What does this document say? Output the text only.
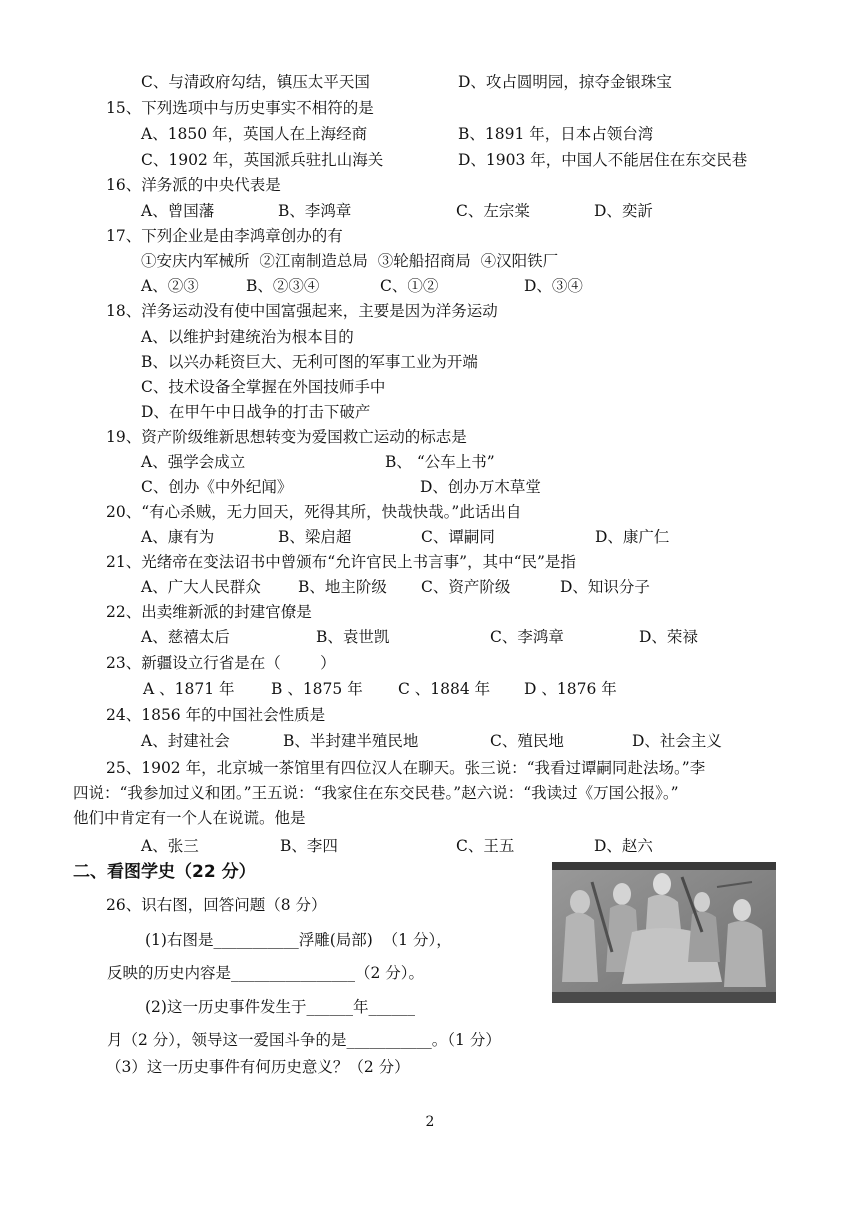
C、与清政府勾结，镇压太平天国	D、攻占圆明园，掠夺金银珠宝
15、下列选项中与历史事实不相符的是
A、1850 年，英国人在上海经商	B、1891 年，日本占领台湾
C、1902 年，英国派兵驻扎山海关	D、1903 年，中国人不能居住在东交民巷
16、洋务派的中央代表是
A、曾国藩	B、李鸿章	C、左宗棠	D、奕訢
17、下列企业是由李鸿章创办的有
①安庆内军械所  ②江南制造总局  ③轮船招商局  ④汉阳铁厂
A、②③	B、②③④	C、①②	D、③④
18、洋务运动没有使中国富强起来，主要是因为洋务运动
A、以维护封建统治为根本目的
B、以兴办耗资巨大、无利可图的军事工业为开端
C、技术设备全掌握在外国技师手中
D、在甲午中日战争的打击下破产
19、资产阶级维新思想转变为爱国救亡运动的标志是
A、强学会成立	B、 “公车上书”
C、创办《中外纪闻》	D、创办万木草堂
20、“有心杀贼，无力回天，死得其所，快哉快哉。”此话出自
A、康有为	B、梁启超	C、谭嗣同	D、康广仁
21、光绪帝在变法诏书中曾颁布“允许官民上书言事”，其中“民”是指
A、广大人民群众 B、地主阶级 C、资产阶级	D、知识分子
22、出卖维新派的封建官僚是
A、慈禧太后	B、袁世凯	C、李鸿章	D、荣禄
23、新疆设立行省是在（        ）
A 、1871 年 B 、1875 年 C 、1884 年 D 、1876 年
24、1856 年的中国社会性质是
A、封建社会	B、半封建半殖民地	C、殖民地	D、社会主义
25、1902 年，北京城一茶馆里有四位汉人在聊天。张三说：“我看过谭嗣同赴法场。”李
四说：“我参加过义和团。”王五说：“我家住在东交民巷。”赵六说：“我读过《万国公报》。”
他们中肯定有一个人在说谎。他是
A、张三	B、李四	C、王五	D、赵六
二、看图学史（22 分）
26、识右图，回答问题（8 分）
(1)右图是___________浮雕(局部)  （1 分），
反映的历史内容是________________（2 分）。
(2)这一历史事件发生于______年______
月（2 分），领导这一爱国斗争的是___________。（1 分）
（3）这一历史事件有何历史意义？（2 分）
2
